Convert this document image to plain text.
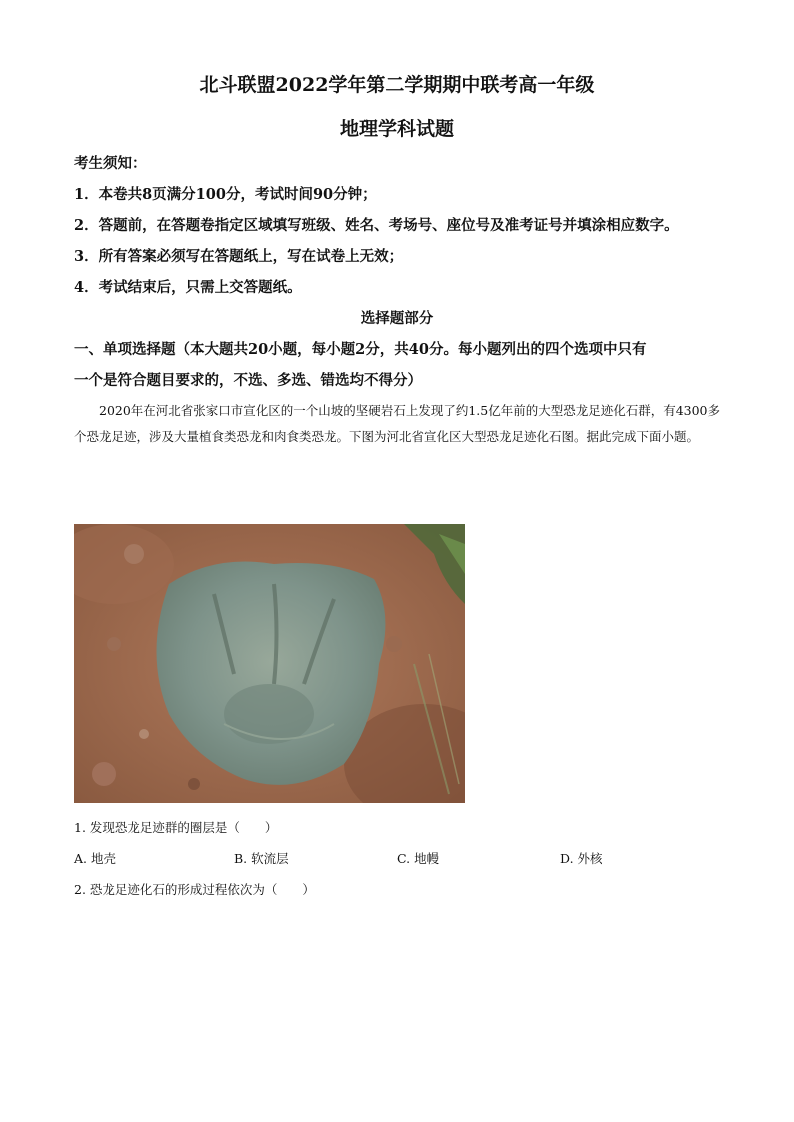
北斗联盟2022学年第二学期期中联考高一年级
地理学科试题
考生须知：
1．本卷共8页满分100分，考试时间90分钟；
2．答题前，在答题卷指定区域填写班级、姓名、考场号、座位号及准考证号并填涂相应数字。
3．所有答案必须写在答题纸上，写在试卷上无效；
4．考试结束后，只需上交答题纸。
选择题部分
一、单项选择题（本大题共20小题，每小题2分，共40分。每小题列出的四个选项中只有
一个是符合题目要求的，不选、多选、错选均不得分）

2020年在河北省张家口市宣化区的一个山坡的坚硬岩石上发现了约1.5亿年前的大型恐龙足迹化石群，有4300多个恐龙足迹，涉及大量植食类恐龙和肉食类恐龙。下图为河北省宣化区大型恐龙足迹化石图。据此完成下面小题。

1. 发现恐龙足迹群的圈层是（　　）
A. 地壳	B. 软流层	C. 地幔	D. 外核
2. 恐龙足迹化石的形成过程依次为（　　）
